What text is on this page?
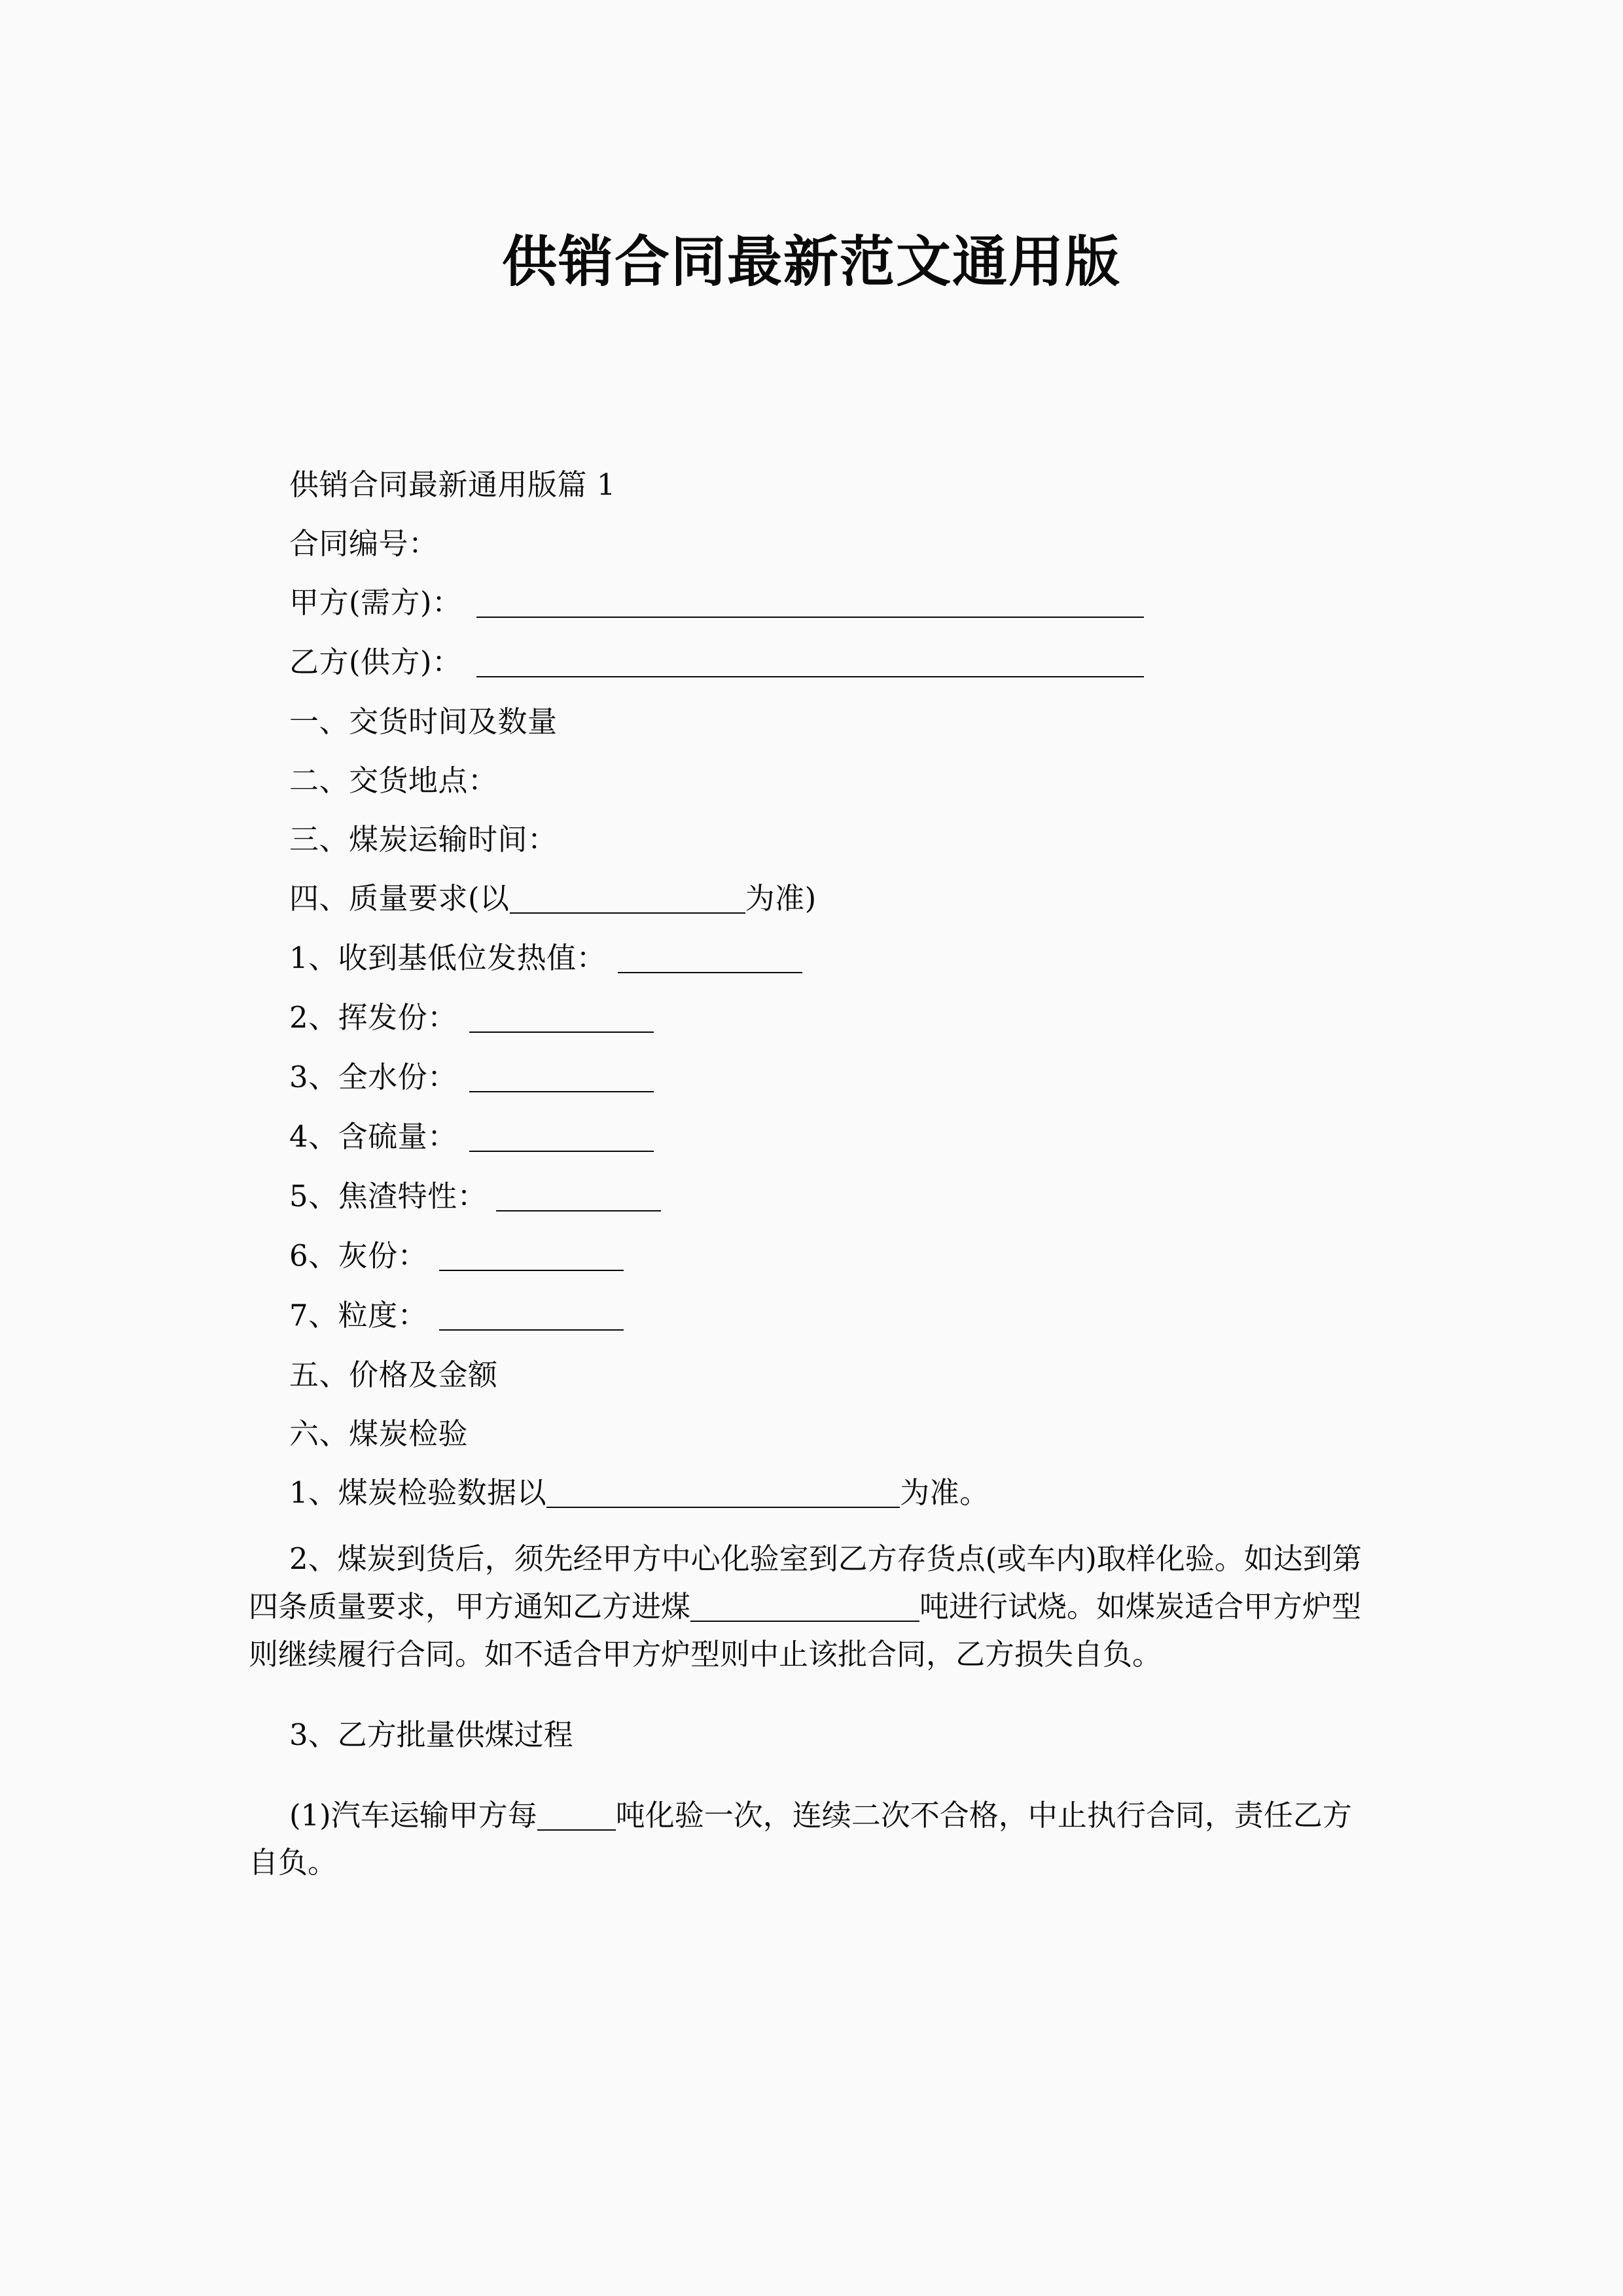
供销合同最新范文通用版

供销合同最新通用版篇 1

合同编号：

甲方(需方)：

乙方(供方)：

一、交货时间及数量

二、交货地点：

三、煤炭运输时间：

四、质量要求(以	为准)

1、收到基低位发热值：

2、挥发份：

3、全水份：

4、含硫量：

5、焦渣特性：

6、灰份：

7、粒度：

五、价格及金额

六、煤炭检验

1、煤炭检验数据以	为准。

2、煤炭到货后，须先经甲方中心化验室到乙方存货点(或车内)取样化验。如达到第四条质量要求，甲方通知乙方进煤	吨进行试烧。如煤炭适合甲方炉型则继续履行合同。如不适合甲方炉型则中止该批合同，乙方损失自负。

3、乙方批量供煤过程

(1)汽车运输甲方每	吨化验一次，连续二次不合格，中止执行合同，责任乙方自负。
